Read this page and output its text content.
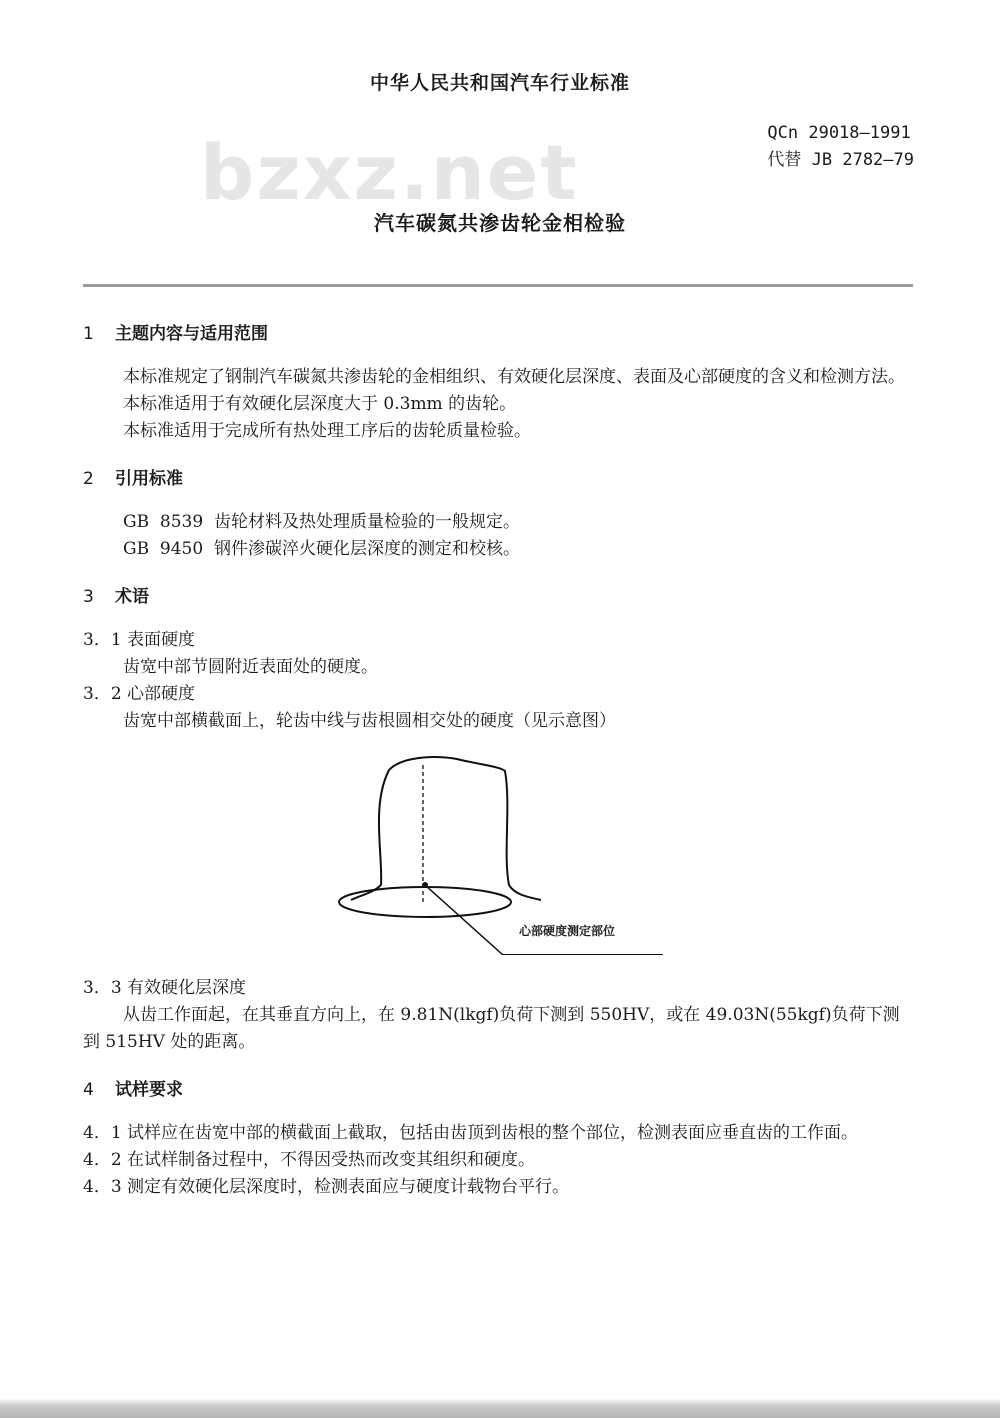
中华人民共和国汽车行业标准
bzxz.net	QCn 29018—1991
代替 JB 2782—79
汽车碳氮共渗齿轮金相检验
1 主题内容与适用范围

本标准规定了钢制汽车碳氮共渗齿轮的金相组织、有效硬化层深度、表面及心部硬度的含义和检测方法。

本标准适用于有效硬化层深度大于 0.3mm 的齿轮。

本标准适用于完成所有热处理工序后的齿轮质量检验。

2 引用标准

GB  8539  齿轮材料及热处理质量检验的一般规定。

GB  9450  钢件渗碳淬火硬化层深度的测定和校核。

3 术语

3．1 表面硬度

齿宽中部节圆附近表面处的硬度。

3．2 心部硬度

齿宽中部横截面上，轮齿中线与齿根圆相交处的硬度（见示意图）

心部硬度测定部位

3．3 有效硬化层深度

从齿工作面起，在其垂直方向上，在 9.81N(lkgf)负荷下测到 550HV，或在 49.03N(55kgf)负荷下测到 515HV 处的距离。

4 试样要求

4．1 试样应在齿宽中部的横截面上截取，包括由齿顶到齿根的整个部位，检测表面应垂直齿的工作面。

4．2 在试样制备过程中，不得因受热而改变其组织和硬度。

4．3 测定有效硬化层深度时，检测表面应与硬度计载物台平行。
